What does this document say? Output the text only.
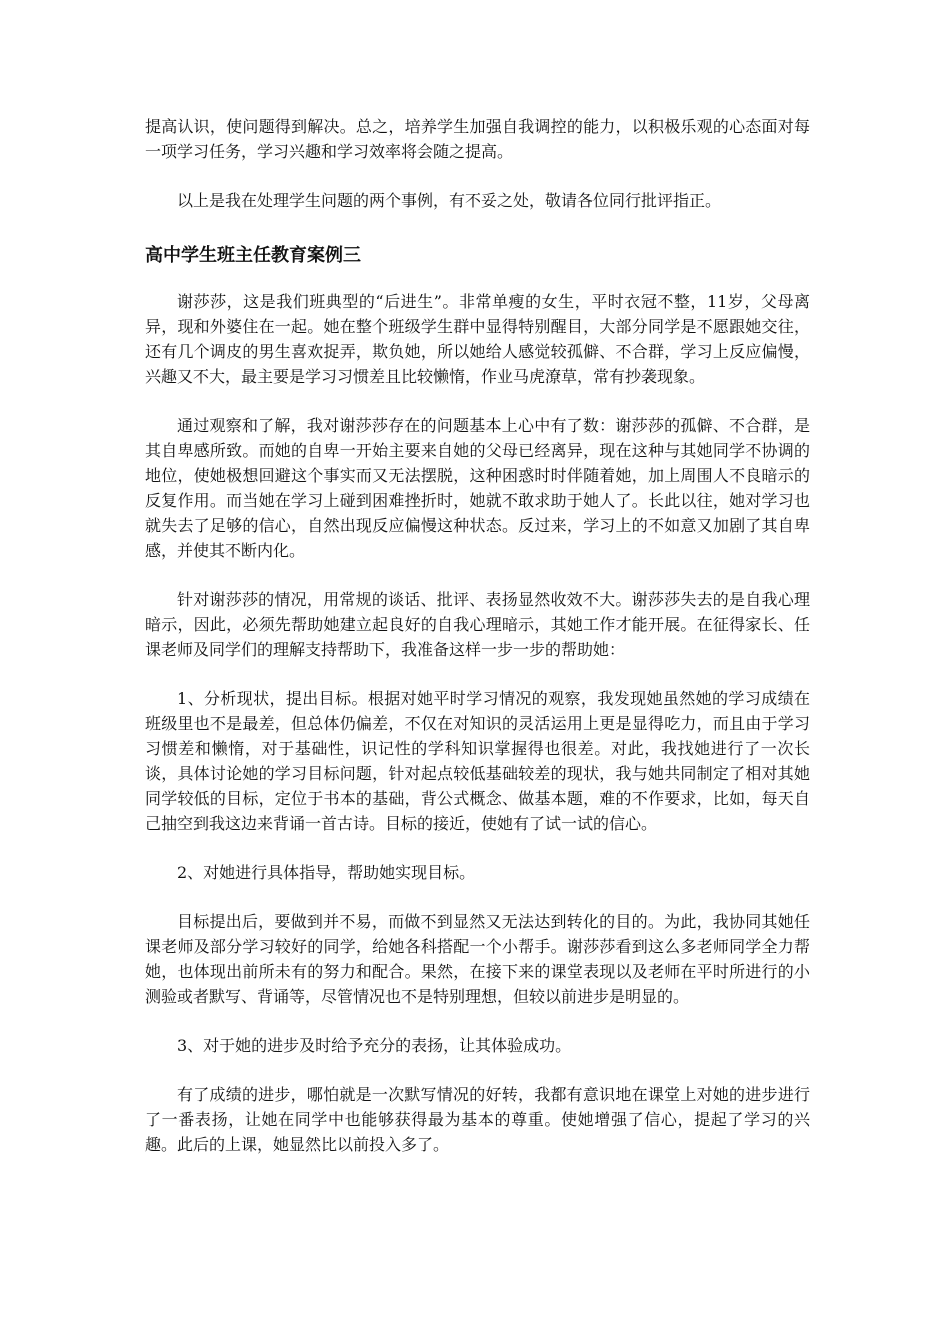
提高认识，使问题得到解决。总之，培养学生加强自我调控的能力，以积极乐观的心态面对每一项学习任务，学习兴趣和学习效率将会随之提高。

以上是我在处理学生问题的两个事例，有不妥之处，敬请各位同行批评指正。

高中学生班主任教育案例三

谢莎莎，这是我们班典型的“后进生”。非常单瘦的女生，平时衣冠不整，11岁，父母离异，现和外婆住在一起。她在整个班级学生群中显得特别醒目，大部分同学是不愿跟她交往，还有几个调皮的男生喜欢捉弄，欺负她，所以她给人感觉较孤僻、不合群，学习上反应偏慢，兴趣又不大，最主要是学习习惯差且比较懒惰，作业马虎潦草，常有抄袭现象。

通过观察和了解，我对谢莎莎存在的问题基本上心中有了数：谢莎莎的孤僻、不合群，是其自卑感所致。而她的自卑一开始主要来自她的父母已经离异，现在这种与其她同学不协调的地位，使她极想回避这个事实而又无法摆脱，这种困惑时时伴随着她，加上周围人不良暗示的反复作用。而当她在学习上碰到困难挫折时，她就不敢求助于她人了。长此以往，她对学习也就失去了足够的信心，自然出现反应偏慢这种状态。反过来，学习上的不如意又加剧了其自卑感，并使其不断内化。

针对谢莎莎的情况，用常规的谈话、批评、表扬显然收效不大。谢莎莎失去的是自我心理暗示，因此，必须先帮助她建立起良好的自我心理暗示，其她工作才能开展。在征得家长、任课老师及同学们的理解支持帮助下，我准备这样一步一步的帮助她：

1、分析现状，提出目标。根据对她平时学习情况的观察，我发现她虽然她的学习成绩在班级里也不是最差，但总体仍偏差，不仅在对知识的灵活运用上更是显得吃力，而且由于学习习惯差和懒惰，对于基础性，识记性的学科知识掌握得也很差。对此，我找她进行了一次长谈，具体讨论她的学习目标问题，针对起点较低基础较差的现状，我与她共同制定了相对其她同学较低的目标，定位于书本的基础，背公式概念、做基本题，难的不作要求，比如，每天自己抽空到我这边来背诵一首古诗。目标的接近，使她有了试一试的信心。

2、对她进行具体指导，帮助她实现目标。

目标提出后，要做到并不易，而做不到显然又无法达到转化的目的。为此，我协同其她任课老师及部分学习较好的同学，给她各科搭配一个小帮手。谢莎莎看到这么多老师同学全力帮她，也体现出前所未有的努力和配合。果然，在接下来的课堂表现以及老师在平时所进行的小测验或者默写、背诵等，尽管情况也不是特别理想，但较以前进步是明显的。

3、对于她的进步及时给予充分的表扬，让其体验成功。

有了成绩的进步，哪怕就是一次默写情况的好转，我都有意识地在课堂上对她的进步进行了一番表扬，让她在同学中也能够获得最为基本的尊重。使她增强了信心，提起了学习的兴趣。此后的上课，她显然比以前投入多了。
